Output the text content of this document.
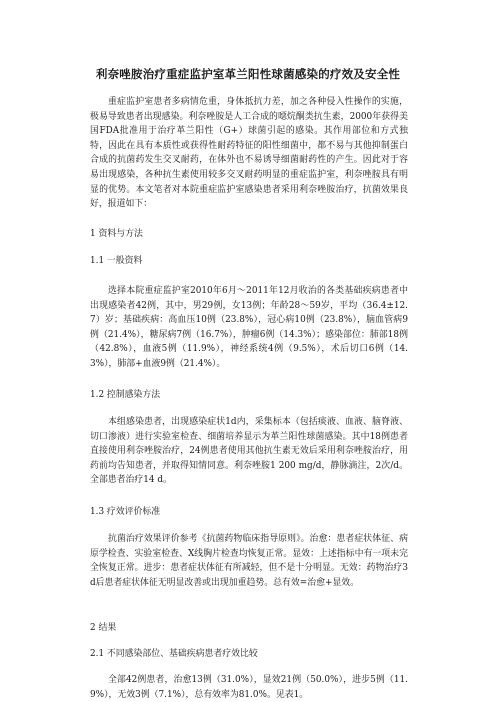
利奈唑胺治疗重症监护室革兰阳性球菌感染的疗效及安全性

重症监护室患者多病情危重，身体抵抗力差，加之各种侵入性操作的实施，极易导致患者出现感染。利奈唑胺是人工合成的噁烷酮类抗生素，2000年获得美国FDA批准用于治疗革兰阳性（G+）球菌引起的感染。其作用部位和方式独特，因此在具有本质性或获得性耐药特征的阳性细菌中，都不易与其他抑制蛋白合成的抗菌药发生交叉耐药，在体外也不易诱导细菌耐药性的产生。因此对于容易出现感染，各种抗生素使用较多交叉耐药明显的重症监护室，利奈唑胺具有明显的优势。本文笔者对本院重症监护室感染患者采用利奈唑胺治疗，抗菌效果良好，报道如下：

1 资料与方法
1.1 一般资料

选择本院重症监护室2010年6月～2011年12月收治的各类基础疾病患者中出现感染者42例，其中，男29例，女13例；年龄28～59岁，平均（36.4±12.7）岁；基础疾病：高血压10例（23.8%），冠心病10例（23.8%），脑血管病9例（21.4%），糖尿病7例（16.7%），肿瘤6例（14.3%）；感染部位：肺部18例（42.8%），血液5例（11.9%），神经系统4例（9.5%），术后切口6例（14.3%），肺部+血液9例（21.4%）。

1.2 控制感染方法

本组感染患者，出现感染症状1d内，采集标本（包括痰液、血液、脑脊液、切口渗液）进行实验室检查、细菌培养显示为革兰阳性球菌感染。其中18例患者直接使用利奈唑胺治疗，24例患者使用其他抗生素无效后采用利奈唑胺治疗，用药前均告知患者，并取得知情同意。利奈唑胺1 200 mg/d，静脉滴注，2次/d。全部患者治疗14 d。

1.3 疗效评价标准

抗菌治疗效果评价参考《抗菌药物临床指导原则》。治愈：患者症状体征、病原学检查、实验室检查、X线胸片检查均恢复正常。显效：上述指标中有一项未完全恢复正常。进步：患者症状体征有所减轻，但不是十分明显。无效：药物治疗3 d后患者症状体征无明显改善或出现加重趋势。总有效=治愈+显效。

2 结果
2.1 不同感染部位、基础疾病患者疗效比较

全部42例患者，治愈13例（31.0%），显效21例（50.0%），进步5例（11.9%），无效3例（7.1%），总有效率为81.0%。见表1。
